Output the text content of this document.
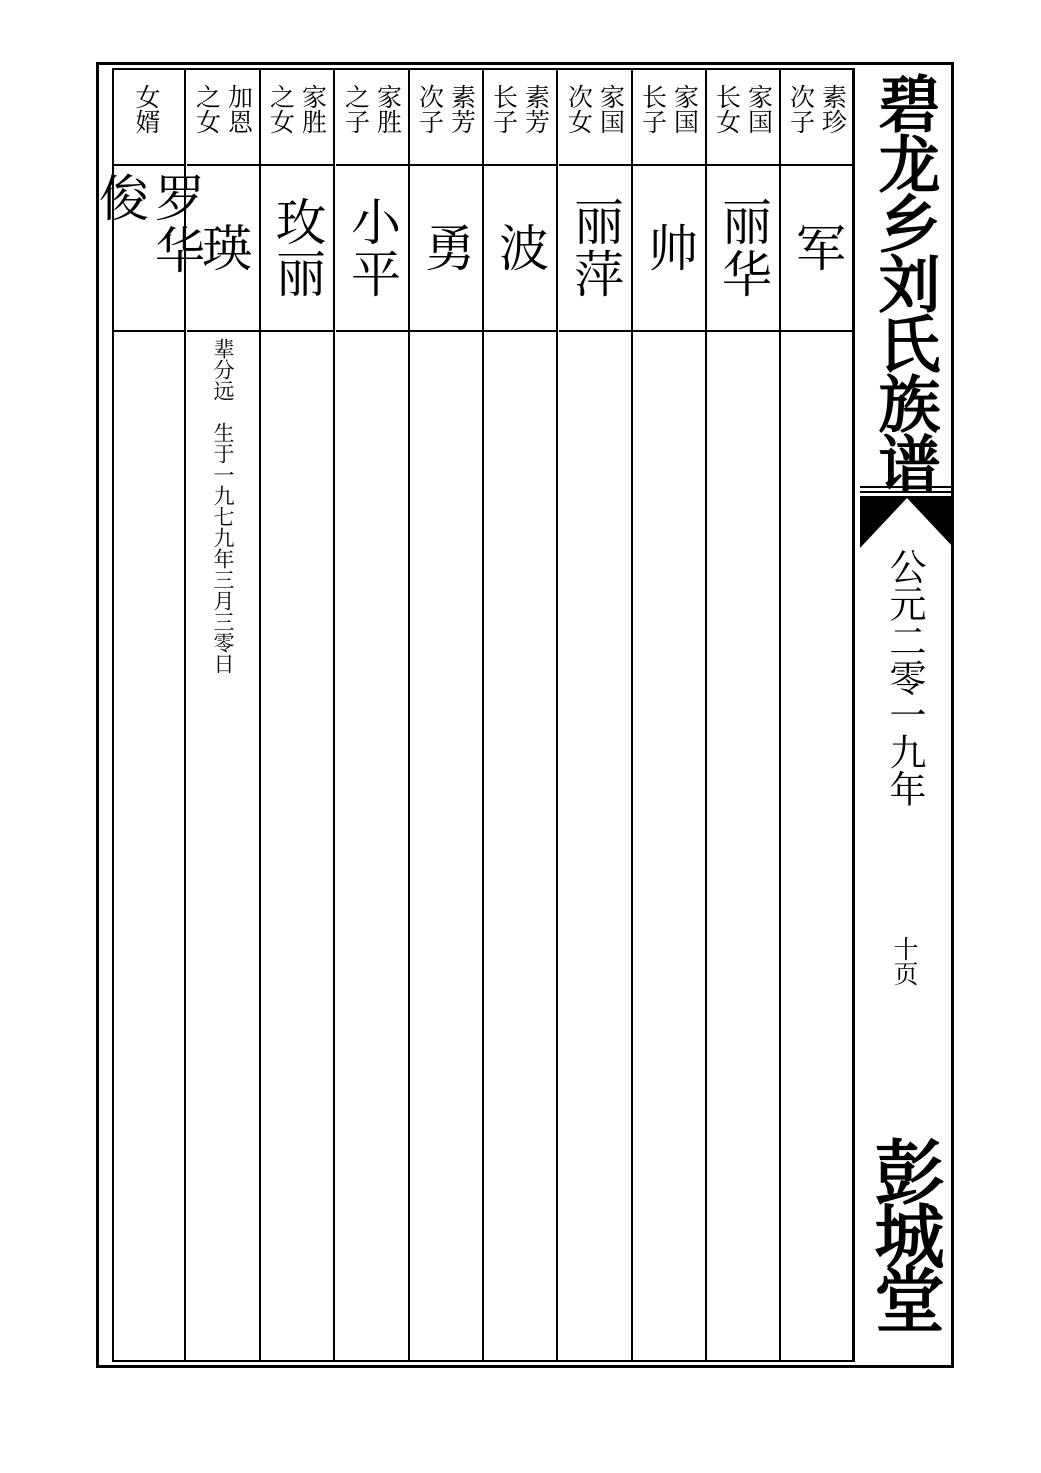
素珍
次子
军
家国
长女
丽华
家国
长子
帅
家国
次女
丽萍
素芳
长子
波
素芳
次子
勇
家胜
之子
小平
家胜
之女
玫丽
加恩
之女
瑛
辈分远　生于一九七九年三月三零日
女婿
罗华俊	碧龙乡刘氏族谱
公元二零一九年
十页
彭城堂
